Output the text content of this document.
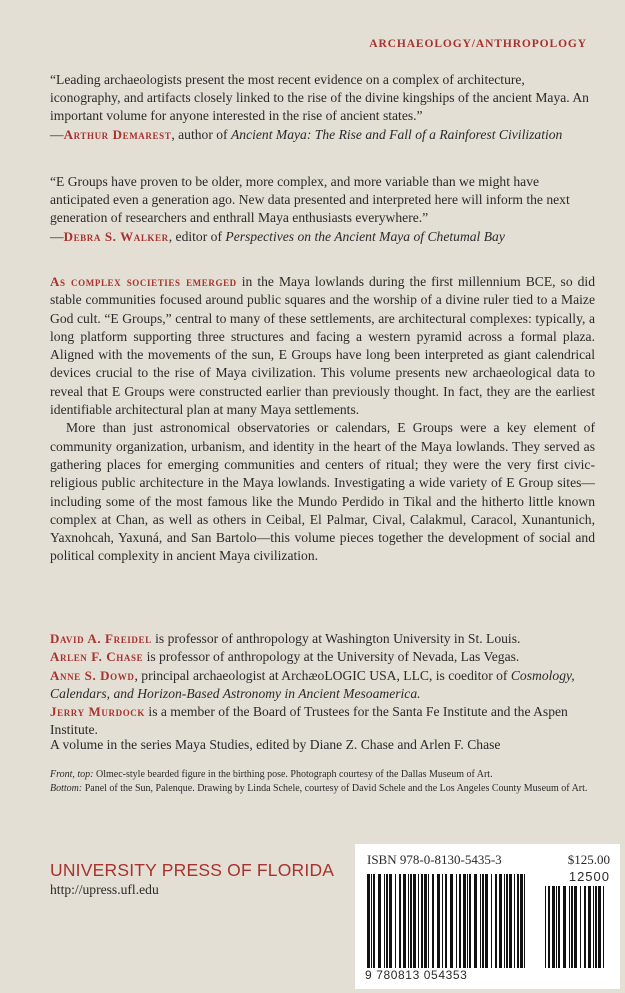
ARCHAEOLOGY/ANTHROPOLOGY

“Leading archaeologists present the most recent evidence on a complex of architecture, iconography, and artifacts closely linked to the rise of the divine kingships of the ancient Maya. An important volume for anyone interested in the rise of ancient states.”
—Arthur Demarest, author of Ancient Maya: The Rise and Fall of a Rainforest Civilization

“E Groups have proven to be older, more complex, and more variable than we might have anticipated even a generation ago. New data presented and interpreted here will inform the next generation of researchers and enthrall Maya enthusiasts everywhere.”
—Debra S. Walker, editor of Perspectives on the Ancient Maya of Chetumal Bay

As complex societies emerged in the Maya lowlands during the first millennium BCE, so did stable communities focused around public squares and the worship of a divine ruler tied to a Maize God cult. “E Groups,” central to many of these settlements, are architectural complexes: typically, a long platform supporting three structures and facing a western pyramid across a formal plaza. Aligned with the movements of the sun, E Groups have long been interpreted as giant calendrical devices crucial to the rise of Maya civilization. This volume presents new archaeological data to reveal that E Groups were constructed earlier than previously thought. In fact, they are the earliest identifiable architectural plan at many Maya settlements.

More than just astronomical observatories or calendars, E Groups were a key element of community organization, urbanism, and identity in the heart of the Maya lowlands. They served as gathering places for emerging communities and centers of ritual; they were the very first civic-religious public architecture in the Maya lowlands. Investigating a wide variety of E Group sites—including some of the most famous like the Mundo Perdido in Tikal and the hitherto little known complex at Chan, as well as others in Ceibal, El Palmar, Cival, Calakmul, Caracol, Xunantunich, Yaxnohcah, Yaxuná, and San Bartolo—this volume pieces together the development of social and political complexity in ancient Maya civilization.

David A. Freidel is professor of anthropology at Washington University in St. Louis.

Arlen F. Chase is professor of anthropology at the University of Nevada, Las Vegas.

Anne S. Dowd, principal archaeologist at ArchæoLOGIC USA, LLC, is coeditor of Cosmology, Calendars, and Horizon-Based Astronomy in Ancient Mesoamerica.

Jerry Murdock is a member of the Board of Trustees for the Santa Fe Institute and the Aspen Institute.

A volume in the series Maya Studies, edited by Diane Z. Chase and Arlen F. Chase

Front, top: Olmec-style bearded figure in the birthing pose. Photograph courtesy of the Dallas Museum of Art.

Bottom: Panel of the Sun, Palenque. Drawing by Linda Schele, courtesy of David Schele and the Los Angeles County Museum of Art.

UNIVERSITY PRESS OF FLORIDA
http://upress.ufl.edu
ISBN 978-0-8130-5435-3	$125.00
12500
9 780813 054353
